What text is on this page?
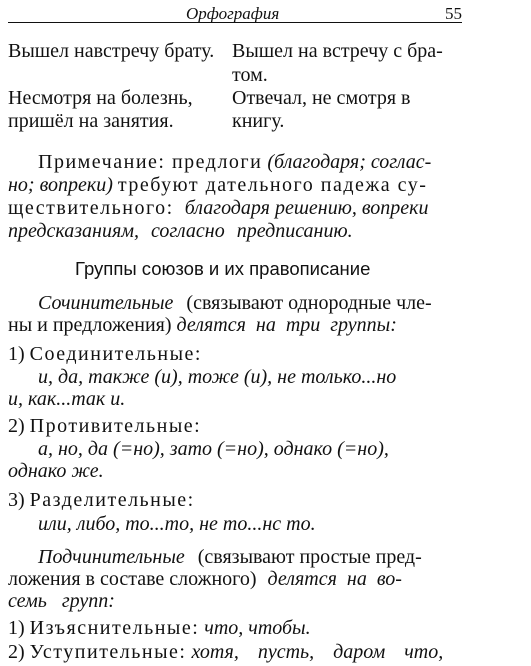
Орфография	55
Вышел навстречу брату. Вышел на встречу с бра-
том.
Несмотря на болезнь, Отвечал, не смотря в
пришёл на занятия.	книгу.
Примечание: предлоги (благодаря; соглас-
но; вопреки) требуют дательного падежа су-
ществительного: благодаря решению, вопреки
предсказаниям, согласно предписанию.
Группы союзов и их правописание
Сочинительные (связывают однородные чле-
ны и предложения) делятся на три группы:
1) Соединительные:
и, да, также (и), тоже (и), не только...но
и, как...так и.
2) Противительные:
а, но, да (=но), зато (=но), однако (=но),
однако же.
3) Разделительные:
или, либо, то...то, не то...нс то.
Подчинительные (связывают простые пред-
ложения в составе сложного) делятся на во-
семь групп:
1) Изъяснительные: что, чтобы.
2) Уступительные: хотя, пусть, даром что,
